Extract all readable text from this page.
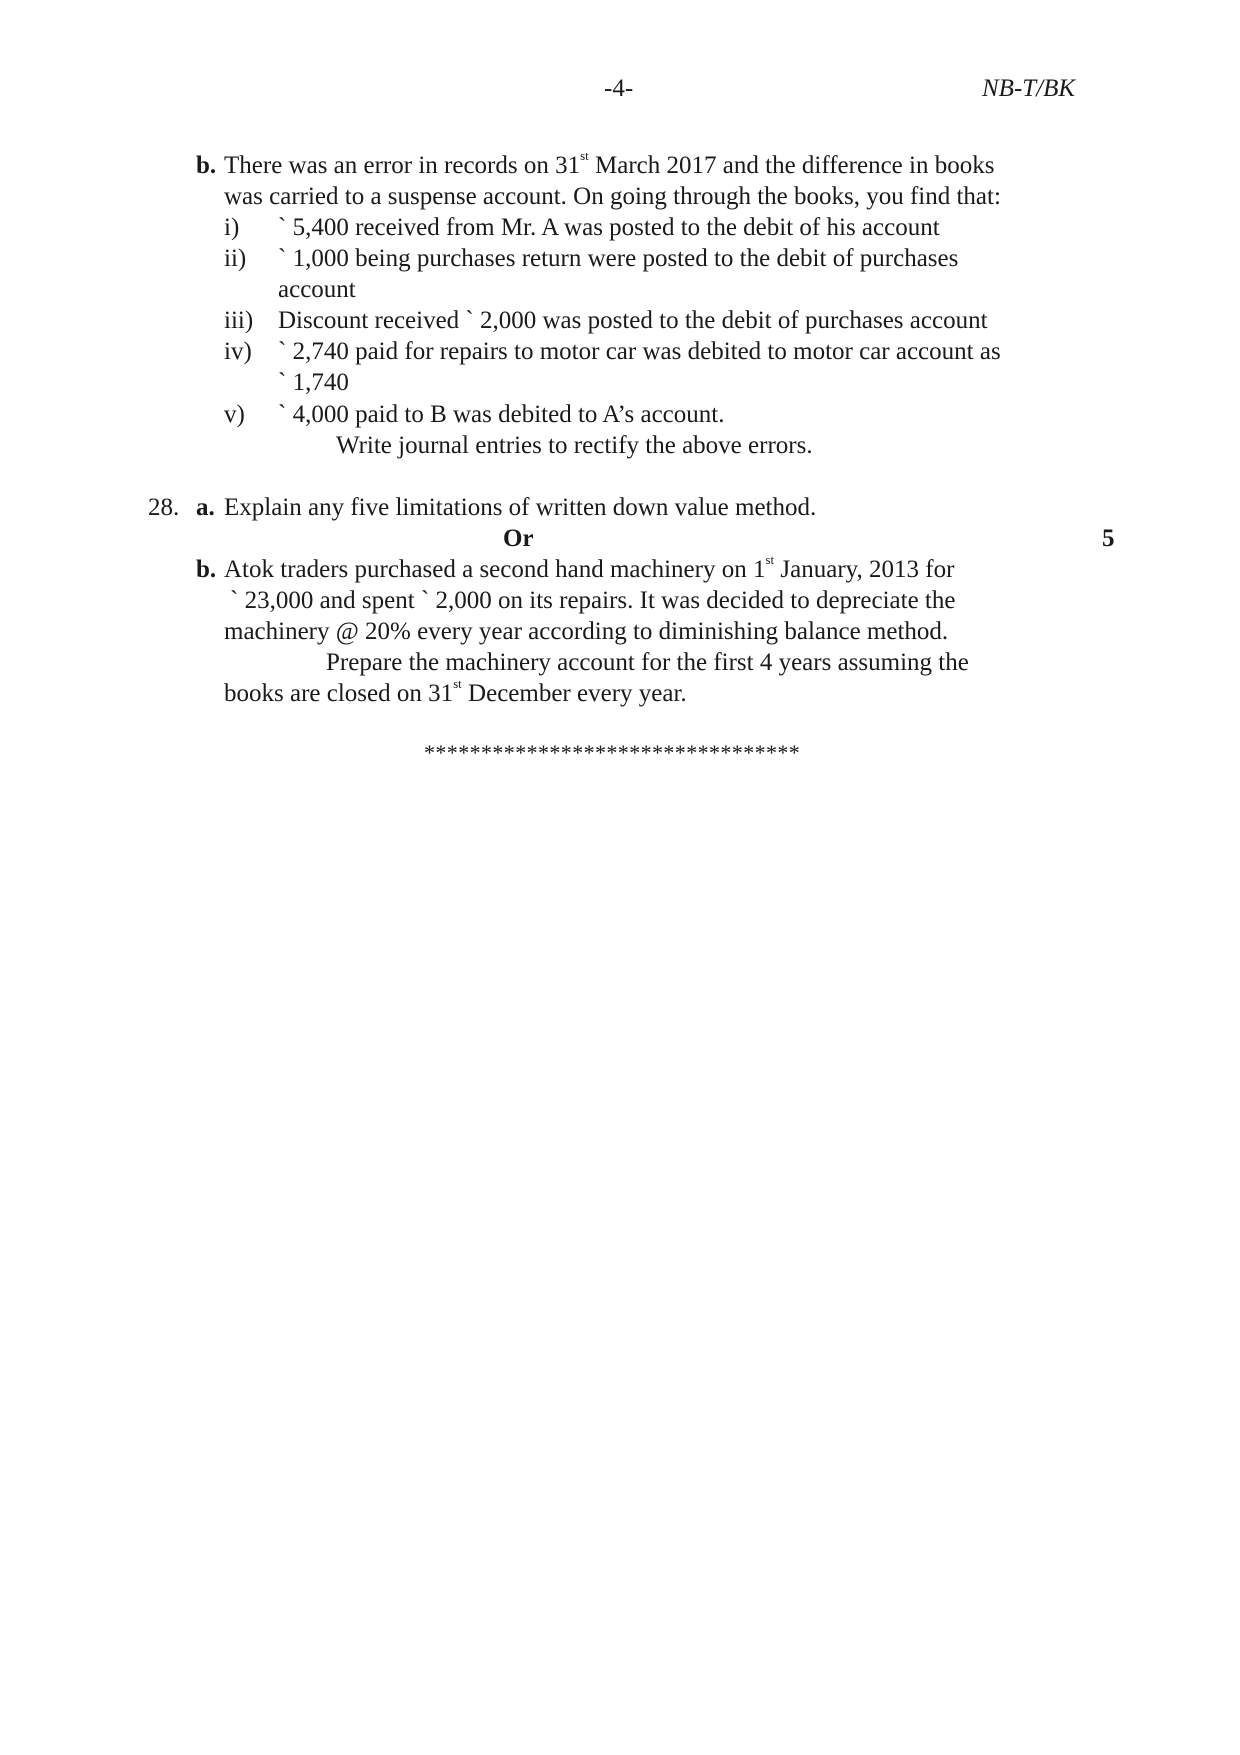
-4-	NB-T/BK
b. There was an error in records on 31st March 2017 and the difference in books
was carried to a suspense account. On going through the books, you find that:
i) ` 5,400 received from Mr. A was posted to the debit of his account
ii) ` 1,000 being purchases return were posted to the debit of purchases
account
iii) Discount received ` 2,000 was posted to the debit of purchases account
iv) ` 2,740 paid for repairs to motor car was debited to motor car account as
` 1,740
v) ` 4,000 paid to B was debited to A’s account.
Write journal entries to rectify the above errors.
28. a. Explain any five limitations of written down value method.
Or	5
b. Atok traders purchased a second hand machinery on 1st January, 2013 for
` 23,000 and spent ` 2,000 on its repairs. It was decided to depreciate the
machinery @ 20% every year according to diminishing balance method.
Prepare the machinery account for the first 4 years assuming the
books are closed on 31st December every year.
*********************************
